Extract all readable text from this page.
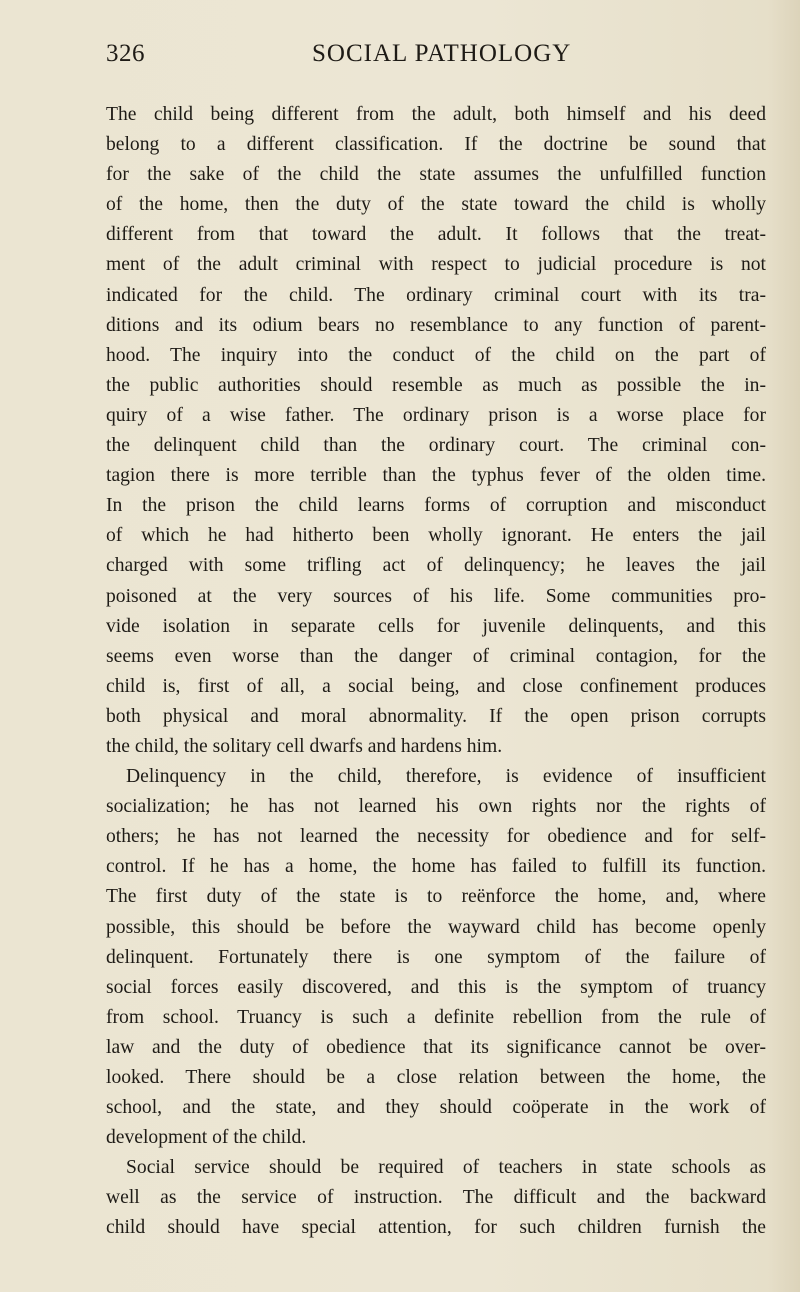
326	SOCIAL PATHOLOGY
The child being different from the adult, both himself and his deed
belong to a different classification. If the doctrine be sound that
for the sake of the child the state assumes the unfulfilled function
of the home, then the duty of the state toward the child is wholly
different from that toward the adult. It follows that the treat-
ment of the adult criminal with respect to judicial procedure is not
indicated for the child. The ordinary criminal court with its tra-
ditions and its odium bears no resemblance to any function of parent-
hood. The inquiry into the conduct of the child on the part of
the public authorities should resemble as much as possible the in-
quiry of a wise father. The ordinary prison is a worse place for
the delinquent child than the ordinary court. The criminal con-
tagion there is more terrible than the typhus fever of the olden time.
In the prison the child learns forms of corruption and misconduct
of which he had hitherto been wholly ignorant. He enters the jail
charged with some trifling act of delinquency; he leaves the jail
poisoned at the very sources of his life. Some communities pro-
vide isolation in separate cells for juvenile delinquents, and this
seems even worse than the danger of criminal contagion, for the
child is, first of all, a social being, and close confinement produces
both physical and moral abnormality. If the open prison corrupts
the child, the solitary cell dwarfs and hardens him.
Delinquency in the child, therefore, is evidence of insufficient
socialization; he has not learned his own rights nor the rights of
others; he has not learned the necessity for obedience and for self-
control. If he has a home, the home has failed to fulfill its function.
The first duty of the state is to reënforce the home, and, where
possible, this should be before the wayward child has become openly
delinquent. Fortunately there is one symptom of the failure of
social forces easily discovered, and this is the symptom of truancy
from school. Truancy is such a definite rebellion from the rule of
law and the duty of obedience that its significance cannot be over-
looked. There should be a close relation between the home, the
school, and the state, and they should coöperate in the work of
development of the child.
Social service should be required of teachers in state schools as
well as the service of instruction. The difficult and the backward
child should have special attention, for such children furnish the
